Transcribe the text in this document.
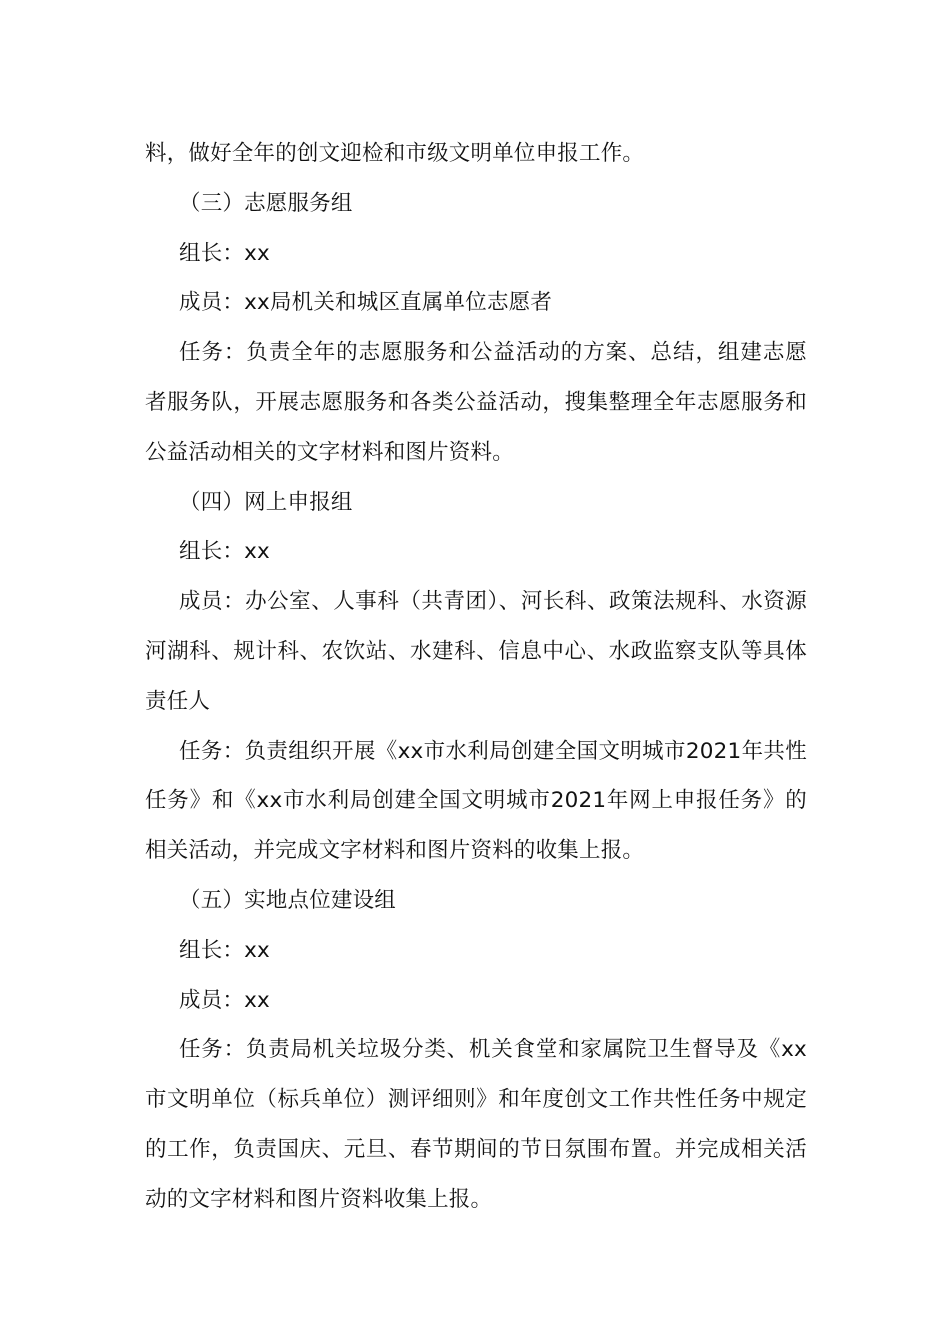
料，做好全年的创文迎检和市级文明单位申报工作。

（三）志愿服务组

组长：xx

成员：xx局机关和城区直属单位志愿者

任务：负责全年的志愿服务和公益活动的方案、总结，组建志愿者服务队，开展志愿服务和各类公益活动，搜集整理全年志愿服务和公益活动相关的文字材料和图片资料。

（四）网上申报组

组长：xx

成员：办公室、人事科（共青团）、河长科、政策法规科、水资源河湖科、规计科、农饮站、水建科、信息中心、水政监察支队等具体责任人

任务：负责组织开展《xx市水利局创建全国文明城市2021年共性任务》和《xx市水利局创建全国文明城市2021年网上申报任务》的相关活动，并完成文字材料和图片资料的收集上报。

（五）实地点位建设组

组长：xx

成员：xx

任务：负责局机关垃圾分类、机关食堂和家属院卫生督导及《xx市文明单位（标兵单位）测评细则》和年度创文工作共性任务中规定的工作，负责国庆、元旦、春节期间的节日氛围布置。并完成相关活动的文字材料和图片资料收集上报。
